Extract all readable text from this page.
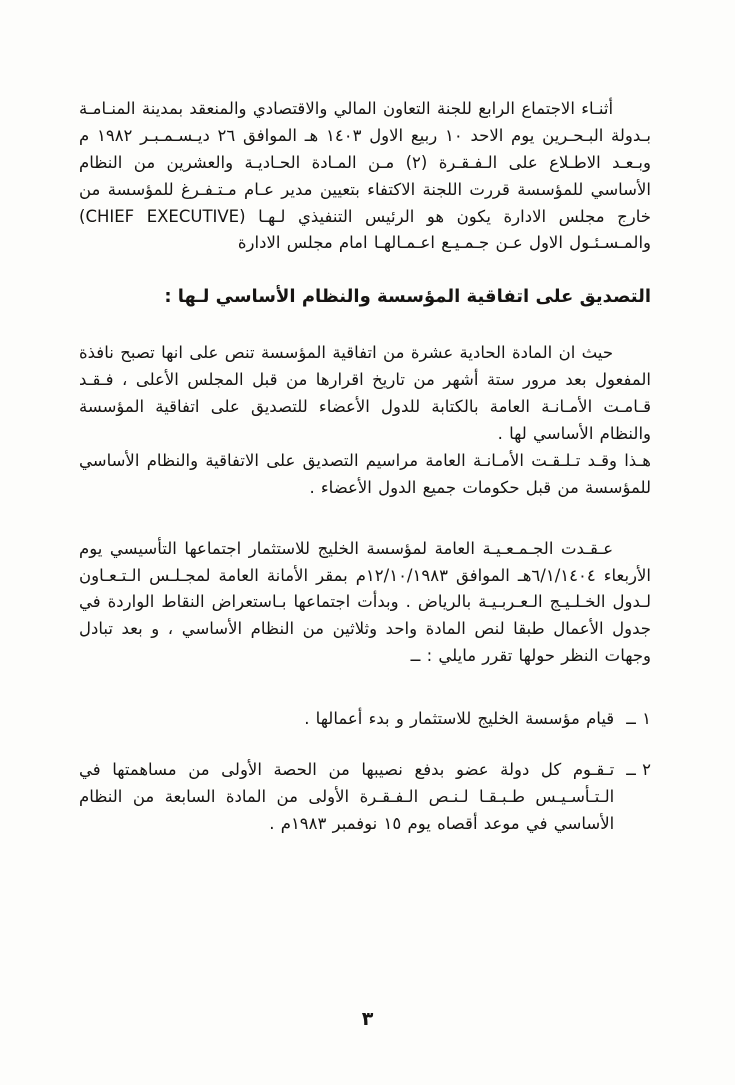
أثنـاء الاجتماع الرابع للجنة التعاون المالي والاقتصادي والمنعقد بمدينة المنـامـة بـدولة البـحـرين يوم الاحد ١٠ ربيع الاول ١٤٠٣ هـ الموافق ٢٦ ديـسـمـبـر ١٩٨٢ م وبـعـد الاطـلاع على الـفـقـرة (٢) مـن المـادة الحـاديـة والعشرين من النظام الأساسي للمؤسسة قررت اللجنة الاكتفاء بتعيين مدير عـام مـتـفـرغ للمؤسسة من خارج مجلس الادارة يكون هو الرئيس التنفيذي لـهـا (CHIEF EXECUTIVE) والمـسـئـول الاول عـن جـمـيـع اعـمـالهـا امام مجلس الادارة

التصديق على اتفاقية المؤسسة والنظام الأساسي لـها :

حيث ان المادة الحادية عشرة من اتفاقية المؤسسة تنص على انها تصبح نافذة المفعول بعد مرور ستة أشهر من تاريخ اقرارها من قبل المجلس الأعلى ، فـقـد قـامـت الأمـانـة العامة بالكتابة للدول الأعضاء للتصديق على اتفاقية المؤسسة والنظام الأساسي لها .

هـذا وقـد تـلـقـت الأمـانـة العامة مراسيم التصديق على الاتفاقية والنظام الأساسي للمؤسسة من قبل حكومات جميع الدول الأعضاء .

عـقـدت الجـمـعـيـة العامة لمؤسسة الخليج للاستثمار اجتماعها التأسيسي يوم الأربعاء ٦/١/١٤٠٤هـ الموافق ١٢/١٠/١٩٨٣م بمقر الأمانة العامة لمجـلـس الـتـعـاون لـدول الخـلـيـج الـعـربـيـة بالرياض . وبدأت اجتماعها بـاستعراض النقاط الواردة في جدول الأعمال طبقا لنص المادة واحد وثلاثين من النظام الأساسي ، و بعد تبادل وجهات النظر حولها تقرر مايلي : ــ

١ ــ
قيام مؤسسة الخليج للاستثمار و بدء أعمالها .
٢ ــ
تـقـوم كل دولة عضو بدفع نصيبها من الحصة الأولى من مساهمتها في الـتـأسـيـس طـبـقـا لـنـص الـفـقـرة الأولى من المادة السابعة من النظام الأساسي في موعد أقصاه يوم ١٥ نوفمبر ١٩٨٣م .
٣
